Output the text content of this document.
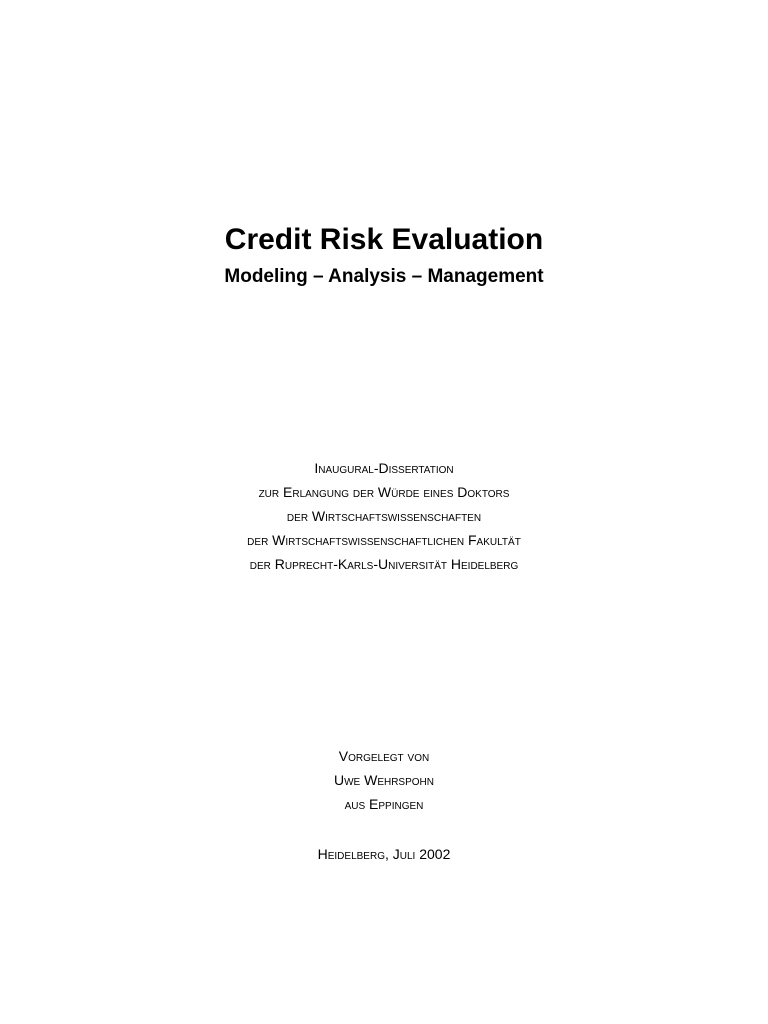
Credit Risk Evaluation
Modeling – Analysis – Management
Inaugural-Dissertation
zur Erlangung der Würde eines Doktors
der Wirtschaftswissenschaften
der Wirtschaftswissenschaftlichen Fakultät
der Ruprecht-Karls-Universität Heidelberg
Vorgelegt von
Uwe Wehrspohn
aus Eppingen
Heidelberg, Juli 2002
